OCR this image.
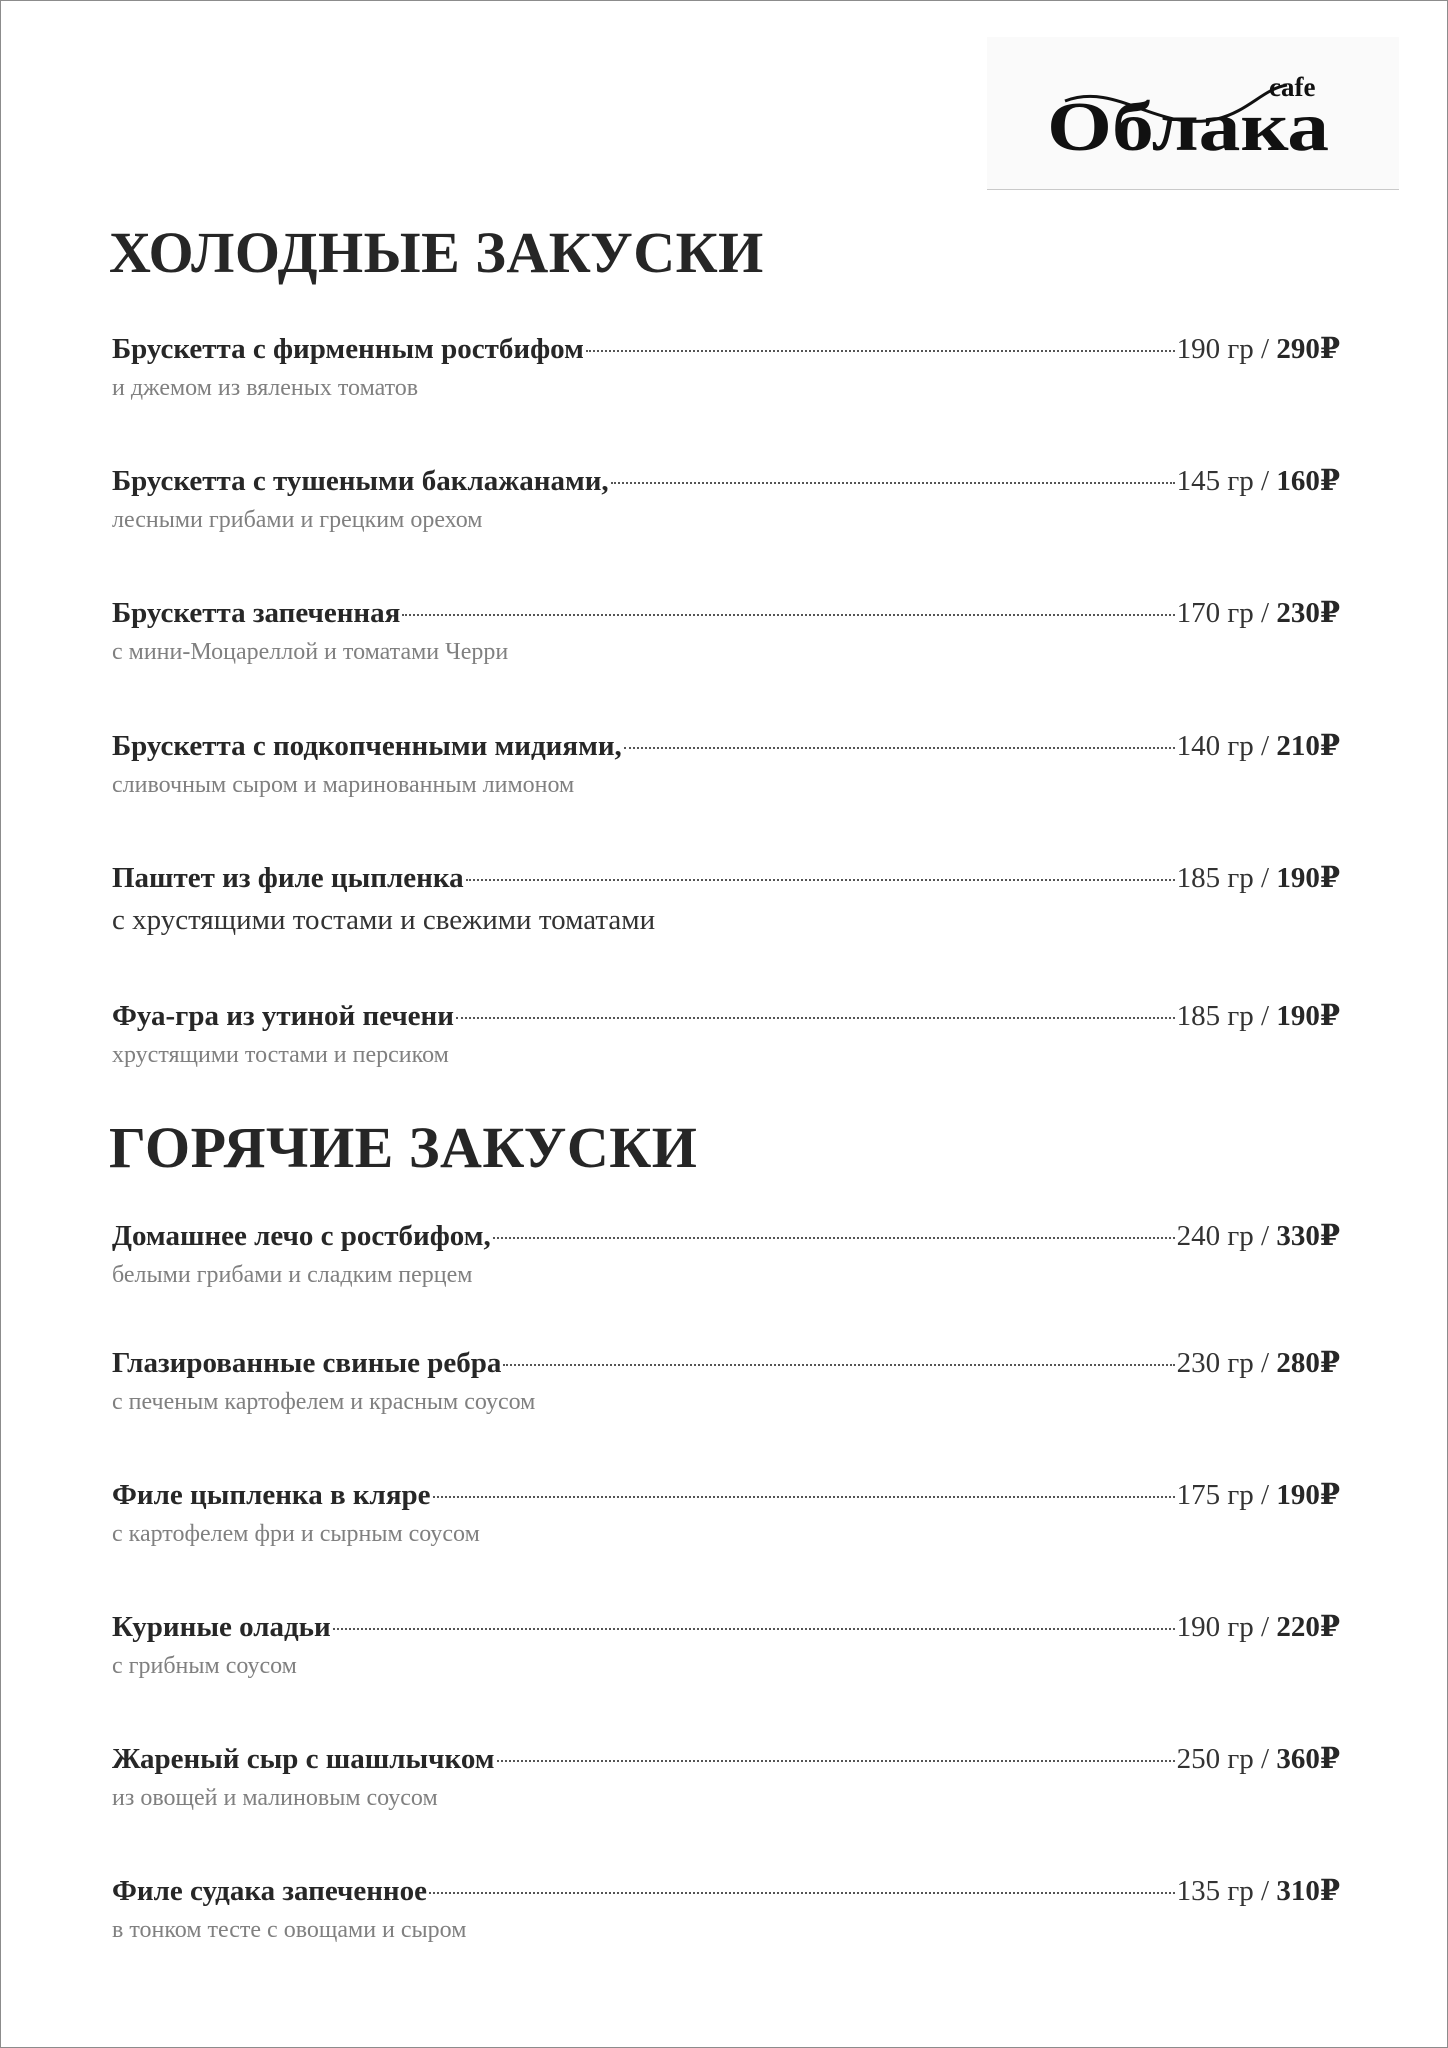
cafe
Облака
ХОЛОДНЫЕ ЗАКУСКИ
Брускетта с фирменным ростбифом	190 гр / 290₽
и джемом из вяленых томатов
Брускетта с тушеными баклажанами,	145 гр / 160₽
лесными грибами и грецким орехом
Брускетта запеченная	170 гр / 230₽
с мини-Моцареллой и томатами Черри
Брускетта с подкопченными мидиями,	140 гр / 210₽
сливочным сыром и маринованным лимоном
Паштет из филе цыпленка	185 гр / 190₽
с хрустящими тостами и свежими томатами
Фуа-гра из утиной печени	185 гр / 190₽
хрустящими тостами и персиком
ГОРЯЧИЕ ЗАКУСКИ
Домашнее лечо с ростбифом,	240 гр / 330₽
белыми грибами и сладким перцем
Глазированные свиные ребра	230 гр / 280₽
с печеным картофелем и красным соусом
Филе цыпленка в кляре	175 гр / 190₽
с картофелем фри и сырным соусом
Куриные оладьи	190 гр / 220₽
с грибным соусом
Жареный сыр с шашлычком	250 гр / 360₽
из овощей и малиновым соусом
Филе судака запеченное	135 гр / 310₽
в тонком тесте с овощами и сыром
